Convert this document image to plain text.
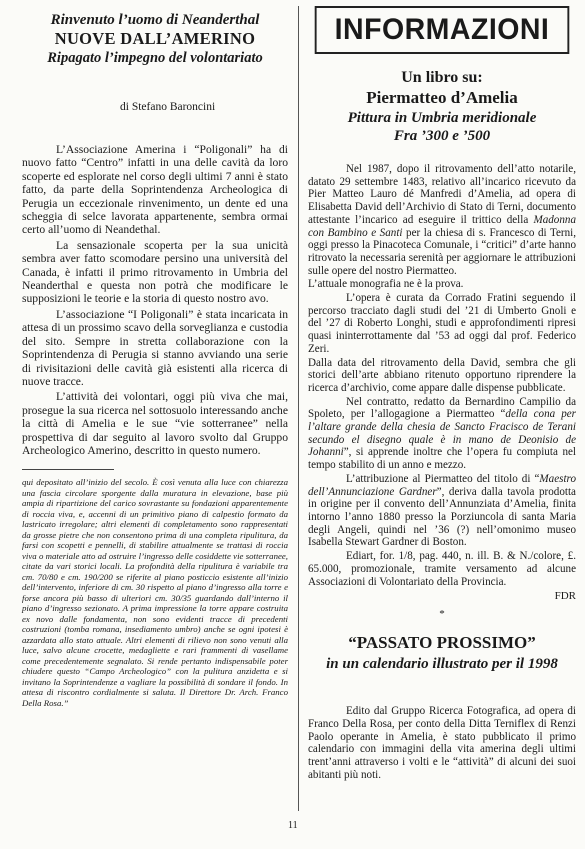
Rinvenuto l’uomo di Neanderthal

NUOVE DALL’AMERINO

Ripagato l’impegno del volontariato

di Stefano Baroncini

L’Associazione Amerina i “Poligonali” ha di nuovo fatto “Centro” infatti in una delle cavità da loro scoperte ed esplorate nel corso degli ultimi 7 anni è stato fatto, da parte della Soprintendenza Archeologica di Perugia un eccezionale rinvenimento, un dente ed una scheggia di selce lavorata appartenente, sembra ormai certo all’uomo di Neandethal.

La sensazionale scoperta per la sua unicità sembra aver fatto scomodare persino una università del Canada, è infatti il primo ritrovamento in Umbria del Neanderthal e questa non potrà che modificare le supposizioni le teorie e la storia di questo nostro avo.

L’associazione “I Poligonali” è stata incaricata in attesa di un prossimo scavo della sorveglianza e custodia del sito. Sempre in stretta collaborazione con la Soprintendenza di Perugia si stanno avviando una serie di rivisitazioni delle cavità già esistenti alla ricerca di nuove tracce.

L’attività dei volontari, oggi più viva che mai, prosegue la sua ricerca nel sottosuolo interessando anche la città di Amelia e le sue “vie sotterranee” nella prospettiva di dar seguito al lavoro svolto dal Gruppo Archeologico Amerino, descritto in questo numero.

qui depositato all’inizio del secolo. È così venuta alla luce con chiarezza una fascia circolare sporgente dalla muratura in elevazione, base più ampia di ripartizione del carico sovrastante su fondazioni apparentemente di roccia viva, e, accenni di un primitivo piano di calpestio formato da lastricato irregolare; altri elementi di completamento sono rappresentati da grosse pietre che non consentono prima di una completa ripulitura, da farsi con scopetti e pennelli, di stabilire attualmente se trattasi di roccia viva o materiale atto ad ostruire l’ingresso delle cosiddette vie sotterranee, citate da vari storici locali. La profondità della ripulitura è variabile tra cm. 70/80 e cm. 190/200 se riferite al piano posticcio esistente all’inizio dell’intervento, inferiore di cm. 30 rispetto al piano d’ingresso alla torre e forse ancora più basso di ulteriori cm. 30/35 guardando dall’interno il piano d’ingresso sezionato. A prima impressione la torre appare costruita ex novo dalle fondamenta, non sono evidenti tracce di precedenti costruzioni (tomba romana, insediamento umbro) anche se ogni ipotesi è azzardata allo stato attuale. Altri elementi di rilievo non sono venuti alla luce, salvo alcune crocette, medagliette e rari frammenti di vasellame come precedentemente segnalato. Si rende pertanto indispensabile poter chiudere questo “Campo Archeologico” con la pulitura anzidetta e si invitano la Soprintendenze a vagliare la possibilità di sondare il fondo. In attesa di riscontro cordialmente si saluta. Il Direttore Dr. Arch. Franco Della Rosa.”

11
INFORMAZIONI

Un libro su:

Piermatteo d’Amelia

Pittura in Umbria meridionale

Fra ’300 e ’500

Nel 1987, dopo il ritrovamento dell’atto notarile, datato 29 settembre 1483, relativo all’incarico ricevuto da Pier Matteo Lauro dé Manfredi d’Amelia, ad opera di Elisabetta David dell’Archivio di Stato di Terni, documento attestante l’incarico ad eseguire il trittico della Madonna con Bambino e Santi per la chiesa di s. Francesco di Terni, oggi presso la Pinacoteca Comunale, i “critici” d’arte hanno ritrovato la necessaria serenità per aggiornare le attribuzioni sulle opere del nostro Piermatteo.

L’attuale monografia ne è la prova.

L’opera è curata da Corrado Fratini seguendo il percorso tracciato dagli studi del ’21 di Umberto Gnoli e del ’27 di Roberto Longhi, studi e approfondimenti ripresi quasi ininterrottamente dal ’53 ad oggi dal prof. Federico Zeri.

Dalla data del ritrovamento della David, sembra che gli storici dell’arte abbiano ritenuto opportuno riprendere la ricerca d’archivio, come appare dalle dispense pubblicate.

Nel contratto, redatto da Bernardino Campilio da Spoleto, per l’allogagione a Piermatteo “della cona per l’altare grande della chesia de Sancto Fracisco de Terani secundo el disegno quale è in mano de Deonisio de Johanni”, si apprende inoltre che l’opera fu compiuta nel tempo stabilito di un anno e mezzo.

L’attribuzione al Piermatteo del titolo di “Maestro dell’Annunciazione Gardner”, deriva dalla tavola prodotta in origine per il convento dell’Annunziata d’Amelia, finita intorno l’anno 1880 presso la Porziuncola di santa Maria degli Angeli, quindi nel ’36 (?) nell’omonimo museo Isabella Stewart Gardner di Boston.

Ediart, for. 1/8, pag. 440, n. ill. B. & N./colore, £. 65.000, promozionale, tramite versamento ad alcune Associazioni di Volontariato della Provincia.

FDR

*

“PASSATO PROSSIMO”

in un calendario illustrato per il 1998

Edito dal Gruppo Ricerca Fotografica, ad opera di Franco Della Rosa, per conto della Ditta Terniflex di Renzi Paolo operante in Amelia, è stato pubblicato il primo calendario con immagini della vita amerina degli ultimi trent’anni attraverso i volti e le “attività” di alcuni dei suoi abitanti più noti.
